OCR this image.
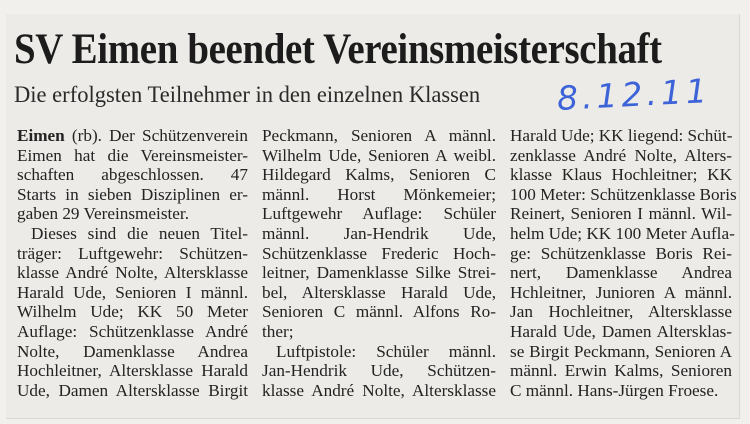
SV Eimen beendet Vereinsmeisterschaft
Die erfolgsten Teilnehmer in den einzelnen Klassen 8.12.11
Eimen (rb). Der Schützenverein
Eimen hat die Vereinsmeister-
schaften abgeschlossen. 47
Starts in sieben Disziplinen er-
gaben 29 Vereinsmeister.
Dieses sind die neuen Titel-
träger: Luftgewehr: Schützen-
klasse André Nolte, Altersklasse
Harald Ude, Senioren I männl.
Wilhelm Ude; KK 50 Meter
Auflage: Schützenklasse André
Nolte, Damenklasse Andrea
Hochleitner, Altersklasse Harald
Ude, Damen Altersklasse Birgit
Peckmann, Senioren A männl.
Wilhelm Ude, Senioren A weibl.
Hildegard Kalms, Senioren C
männl. Horst Mönkemeier;
Luftgewehr Auflage: Schüler
männl. Jan-Hendrik Ude,
Schützenklasse Frederic Hoch-
leitner, Damenklasse Silke Strei-
bel, Altersklasse Harald Ude,
Senioren C männl. Alfons Ro-
ther;
Luftpistole: Schüler männl.
Jan-Hendrik Ude, Schützen-
klasse André Nolte, Altersklasse
Harald Ude; KK liegend: Schüt-
zenklasse André Nolte, Alters-
klasse Klaus Hochleitner; KK
100 Meter: Schützenklasse Boris
Reinert, Senioren I männl. Wil-
helm Ude; KK 100 Meter Aufla-
ge: Schützenklasse Boris Rei-
nert, Damenklasse Andrea
Hchleitner, Junioren A männl.
Jan Hochleitner, Altersklasse
Harald Ude, Damen Altersklas-
se Birgit Peckmann, Senioren A
männl. Erwin Kalms, Senioren
C männl. Hans-Jürgen Froese.
